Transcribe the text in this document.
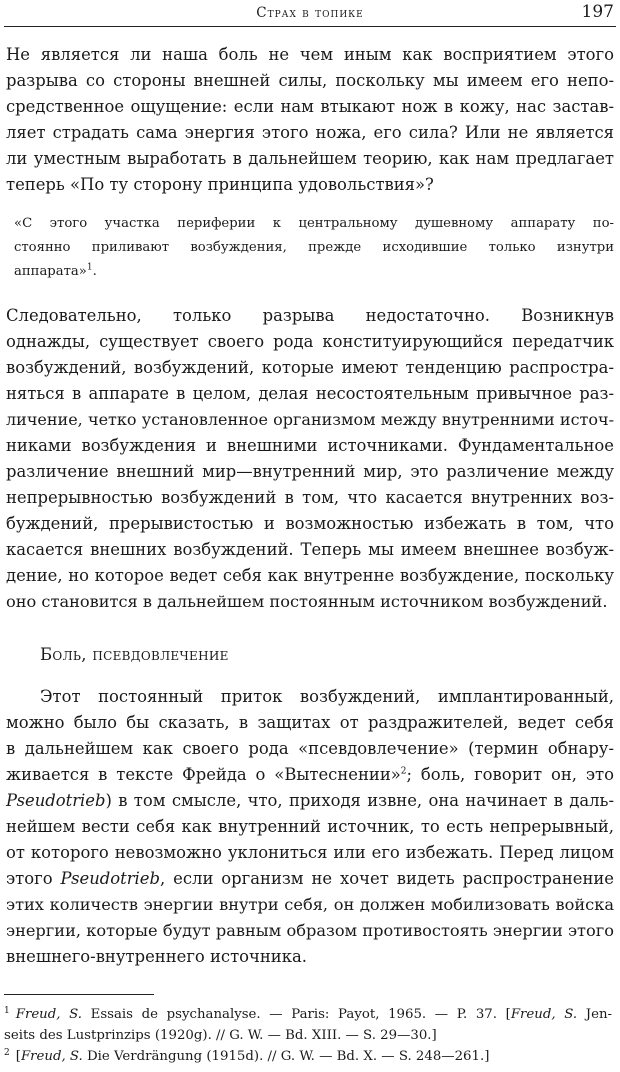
Страх в топике	197

Не является ли наша боль не чем иным как восприятием этого
разрыва со стороны внешней силы, поскольку мы имеем его непо-
средственное ощущение: если нам втыкают нож в кожу, нас застав-
ляет страдать сама энергия этого ножа, его сила? Или не является
ли уместным выработать в дальнейшем теорию, как нам предлагает
теперь «По ту сторону принципа удовольствия»?

«С этого участка периферии к центральному душевному аппарату по-
стоянно приливают возбуждения, прежде исходившие только изнутри
аппарата»$^1$.

Следовательно, только разрыва недостаточно. Возникнув
однажды, существует своего рода конституирующийся передатчик
возбуждений, возбуждений, которые имеют тенденцию распростра-
няться в аппарате в целом, делая несостоятельным привычное раз-
личение, четко установленное организмом между внутренними источ-
никами возбуждения и внешними источниками. Фундаментальное
различение внешний мир—внутренний мир, это различение между
непрерывностью возбуждений в том, что касается внутренних воз-
буждений, прерывистостью и возможностью избежать в том, что
касается внешних возбуждений. Теперь мы имеем внешнее возбуж-
дение, но которое ведет себя как внутренне возбуждение, поскольку
оно становится в дальнейшем постоянным источником возбуждений.

Боль, псевдовлечение

Этот постоянный приток возбуждений, имплантированный,
можно было бы сказать, в защитах от раздражителей, ведет себя
в дальнейшем как своего рода «псевдовлечение» (термин обнару-
живается в тексте Фрейда о «Вытеснении»$^2$; боль, говорит он, это
Pseudotrieb) в том смысле, что, приходя извне, она начинает в даль-
нейшем вести себя как внутренний источник, то есть непрерывный,
от которого невозможно уклониться или его избежать. Перед лицом
этого Pseudotrieb, если организм не хочет видеть распространение
этих количеств энергии внутри себя, он должен мобилизовать войска
энергии, которые будут равным образом противостоять энергии этого
внешнего-внутреннего источника.

$^1$ Freud, S. Essais de psychanalyse. — Paris: Payot, 1965. — P. 37. [Freud, S. Jen-
seits des Lustprinzips (1920g). // G. W. — Bd. XIII. — S. 29—30.]
$^2$ [Freud, S. Die Verdrängung (1915d). // G. W. — Bd. X. — S. 248—261.]
